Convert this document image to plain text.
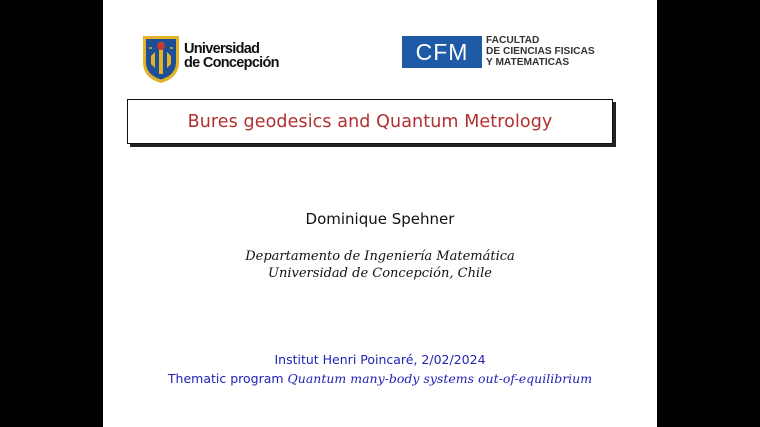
Universidad
de Concepción	CFM	FACULTAD
DE CIENCIAS FISICAS
Y MATEMATICAS
Bures geodesics and Quantum Metrology
Dominique Spehner
Departamento de Ingeniería Matemática
Universidad de Concepción, Chile
Institut Henri Poincaré, 2/02/2024
Thematic program Quantum many-body systems out-of-equilibrium
